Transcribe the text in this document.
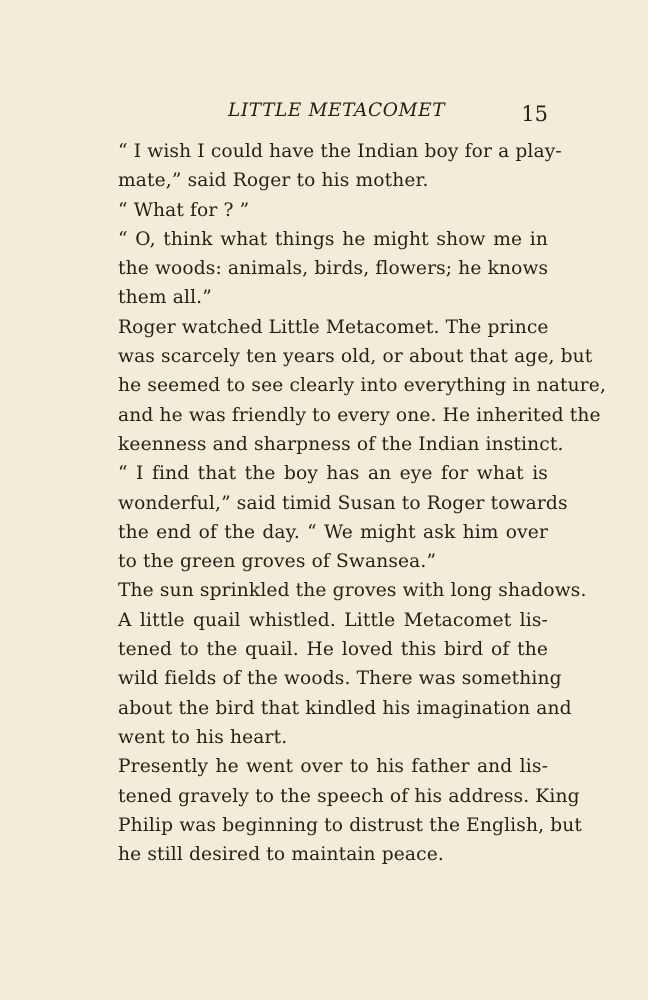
LITTLE METACOMET	15

“ I wish I could have the Indian boy for a play-
mate,” said Roger to his mother.

“ What for ? ”

“ O, think what things he might show me in
the woods: animals, birds, flowers; he knows
them all.”

Roger watched Little Metacomet. The prince
was scarcely ten years old, or about that age, but
he seemed to see clearly into everything in nature,
and he was friendly to every one. He inherited the
keenness and sharpness of the Indian instinct.

“ I find that the boy has an eye for what is
wonderful,” said timid Susan to Roger towards
the end of the day. “ We might ask him over
to the green groves of Swansea.”

The sun sprinkled the groves with long shadows.
A little quail whistled. Little Metacomet lis-
tened to the quail. He loved this bird of the
wild fields of the woods. There was something
about the bird that kindled his imagination and
went to his heart.

Presently he went over to his father and lis-
tened gravely to the speech of his address. King
Philip was beginning to distrust the English, but
he still desired to maintain peace.
